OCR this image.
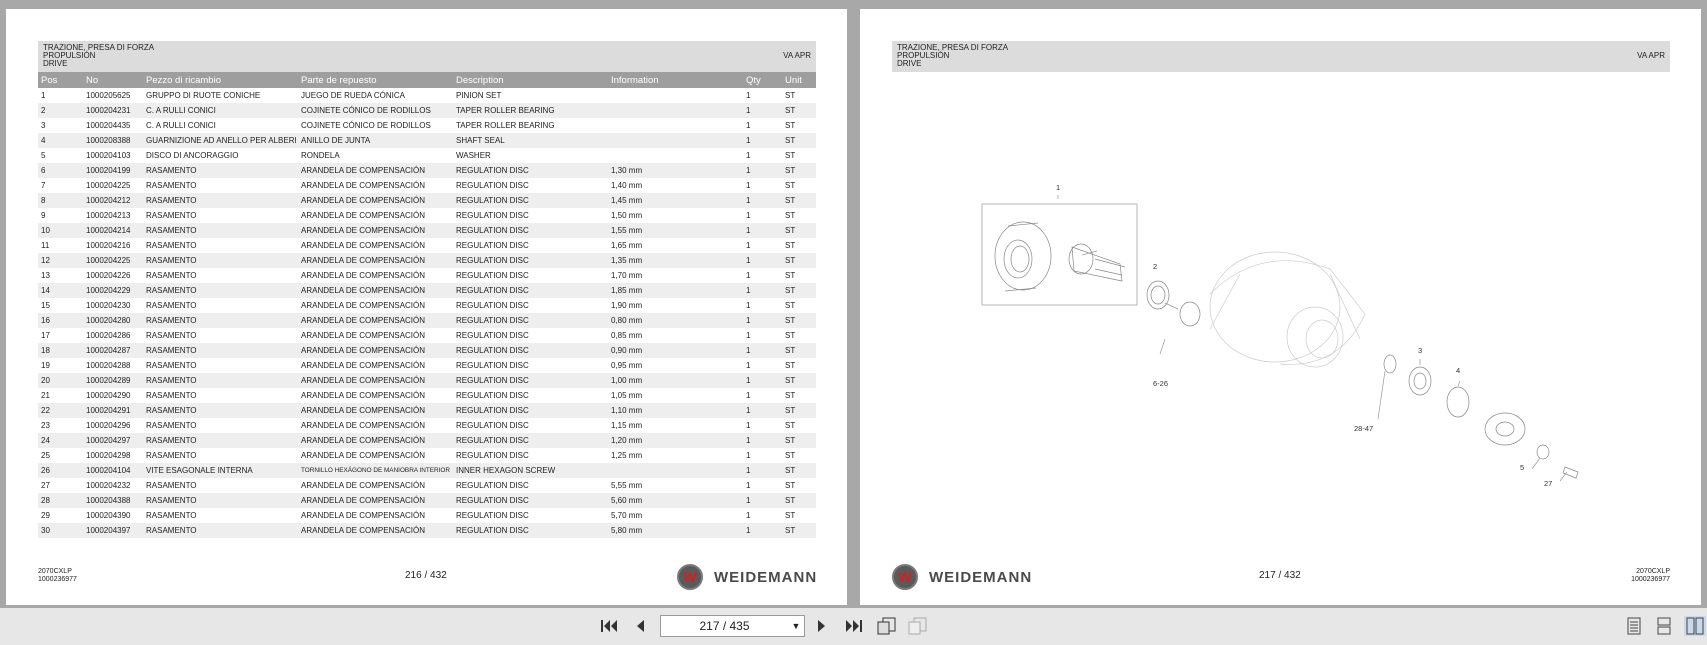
TRAZIONE, PRESA DI FORZA
PROPULSIÓN
DRIVE
VA APR
Pos	No	Pezzo di ricambio	Parte de repuesto	Description	Information	Qty	Unit
1	1000205625	GRUPPO DI RUOTE CONICHE	JUEGO DE RUEDA CÓNICA	PINION SET		1	ST
2	1000204231	C. A RULLI CONICI	COJINETE CÓNICO DE RODILLOS	TAPER ROLLER BEARING		1	ST
3	1000204435	C. A RULLI CONICI	COJINETE CÓNICO DE RODILLOS	TAPER ROLLER BEARING		1	ST
4	1000208388	GUARNIZIONE AD ANELLO PER ALBERI	ANILLO DE JUNTA	SHAFT SEAL		1	ST
5	1000204103	DISCO DI ANCORAGGIO	RONDELA	WASHER		1	ST
6	1000204199	RASAMENTO	ARANDELA DE COMPENSACIÓN	REGULATION DISC	1,30 mm	1	ST
7	1000204225	RASAMENTO	ARANDELA DE COMPENSACIÓN	REGULATION DISC	1,40 mm	1	ST
8	1000204212	RASAMENTO	ARANDELA DE COMPENSACIÓN	REGULATION DISC	1,45 mm	1	ST
9	1000204213	RASAMENTO	ARANDELA DE COMPENSACIÓN	REGULATION DISC	1,50 mm	1	ST
10	1000204214	RASAMENTO	ARANDELA DE COMPENSACIÓN	REGULATION DISC	1,55 mm	1	ST
11	1000204216	RASAMENTO	ARANDELA DE COMPENSACIÓN	REGULATION DISC	1,65 mm	1	ST
12	1000204225	RASAMENTO	ARANDELA DE COMPENSACIÓN	REGULATION DISC	1,35 mm	1	ST
13	1000204226	RASAMENTO	ARANDELA DE COMPENSACIÓN	REGULATION DISC	1,70 mm	1	ST
14	1000204229	RASAMENTO	ARANDELA DE COMPENSACIÓN	REGULATION DISC	1,85 mm	1	ST
15	1000204230	RASAMENTO	ARANDELA DE COMPENSACIÓN	REGULATION DISC	1,90 mm	1	ST
16	1000204280	RASAMENTO	ARANDELA DE COMPENSACIÓN	REGULATION DISC	0,80 mm	1	ST
17	1000204286	RASAMENTO	ARANDELA DE COMPENSACIÓN	REGULATION DISC	0,85 mm	1	ST
18	1000204287	RASAMENTO	ARANDELA DE COMPENSACIÓN	REGULATION DISC	0,90 mm	1	ST
19	1000204288	RASAMENTO	ARANDELA DE COMPENSACIÓN	REGULATION DISC	0,95 mm	1	ST
20	1000204289	RASAMENTO	ARANDELA DE COMPENSACIÓN	REGULATION DISC	1,00 mm	1	ST
21	1000204290	RASAMENTO	ARANDELA DE COMPENSACIÓN	REGULATION DISC	1,05 mm	1	ST
22	1000204291	RASAMENTO	ARANDELA DE COMPENSACIÓN	REGULATION DISC	1,10 mm	1	ST
23	1000204296	RASAMENTO	ARANDELA DE COMPENSACIÓN	REGULATION DISC	1,15 mm	1	ST
24	1000204297	RASAMENTO	ARANDELA DE COMPENSACIÓN	REGULATION DISC	1,20 mm	1	ST
25	1000204298	RASAMENTO	ARANDELA DE COMPENSACIÓN	REGULATION DISC	1,25 mm	1	ST
26	1000204104	VITE ESAGONALE INTERNA	TORNILLO HEXÁGONO DE MANIOBRA INTERIOR	INNER HEXAGON SCREW		1	ST
27	1000204232	RASAMENTO	ARANDELA DE COMPENSACIÓN	REGULATION DISC	5,55 mm	1	ST
28	1000204388	RASAMENTO	ARANDELA DE COMPENSACIÓN	REGULATION DISC	5,60 mm	1	ST
29	1000204390	RASAMENTO	ARANDELA DE COMPENSACIÓN	REGULATION DISC	5,70 mm	1	ST
30	1000204397	RASAMENTO	ARANDELA DE COMPENSACIÓN	REGULATION DISC	5,80 mm	1	ST
2070CXLP
1000236977	216 / 432	W	WEIDEMANN
TRAZIONE, PRESA DI FORZA
PROPULSIÓN
DRIVE
VA APR
1
2
3
4
5
27
6-26
28-47
W	WEIDEMANN	217 / 432	2070CXLP
1000236977
217 / 435	▼
